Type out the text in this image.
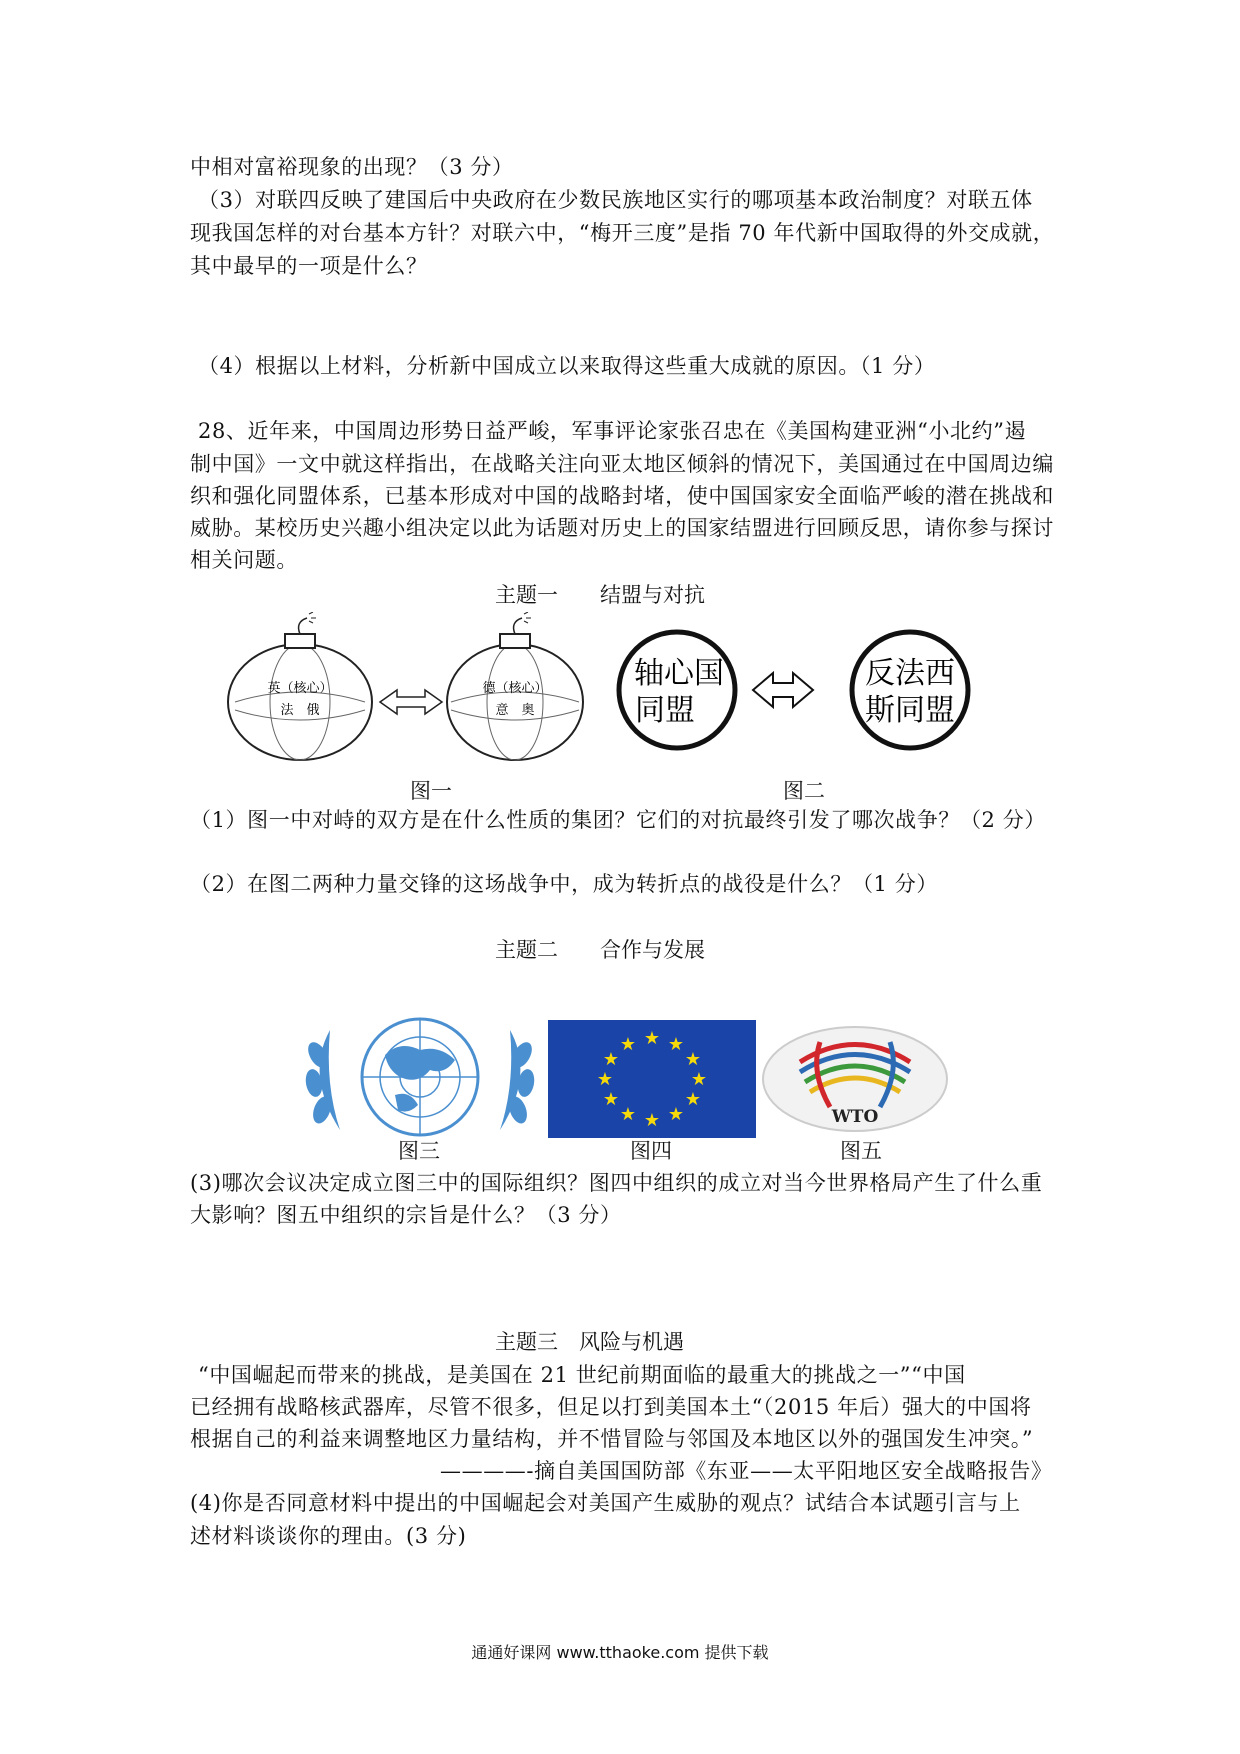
中相对富裕现象的出现？（3 分）
（3）对联四反映了建国后中央政府在少数民族地区实行的哪项基本政治制度？对联五体
现我国怎样的对台基本方针？对联六中，“梅开三度”是指 70 年代新中国取得的外交成就，
其中最早的一项是什么？
（4）根据以上材料，分析新中国成立以来取得这些重大成就的原因。（1 分）
28、近年来，中国周边形势日益严峻，军事评论家张召忠在《美国构建亚洲“小北约”遏
制中国》一文中就这样指出，在战略关注向亚太地区倾斜的情况下，美国通过在中国周边编
织和强化同盟体系，已基本形成对中国的战略封堵，使中国国家安全面临严峻的潜在挑战和
威胁。某校历史兴趣小组决定以此为话题对历史上的国家结盟进行回顾反思，请你参与探讨
相关问题。
主题一　　结盟与对抗
英（核心）
法　俄
德（核心）
意　奥
轴心国
同盟
反法西
斯同盟
图一	图二
（1）图一中对峙的双方是在什么性质的集团？它们的对抗最终引发了哪次战争？（2 分）
（2）在图二两种力量交锋的这场战争中，成为转折点的战役是什么？（1 分）
主题二　　合作与发展
★ ★
★
★
★
★
★
★
★
★
★
★
WTO
图三	图四	图五
(3)哪次会议决定成立图三中的国际组织？图四中组织的成立对当今世界格局产生了什么重
大影响？图五中组织的宗旨是什么？（3 分）
主题三　风险与机遇
“中国崛起而带来的挑战，是美国在 21 世纪前期面临的最重大的挑战之一”“中国
已经拥有战略核武器库，尽管不很多，但足以打到美国本土“（2015 年后）强大的中国将
根据自己的利益来调整地区力量结构，并不惜冒险与邻国及本地区以外的强国发生冲突。”
————-摘自美国国防部《东亚——太平阳地区安全战略报告》
(4)你是否同意材料中提出的中国崛起会对美国产生威胁的观点？试结合本试题引言与上
述材料谈谈你的理由。(3 分)
通通好课网 www.tthaoke.com 提供下载
